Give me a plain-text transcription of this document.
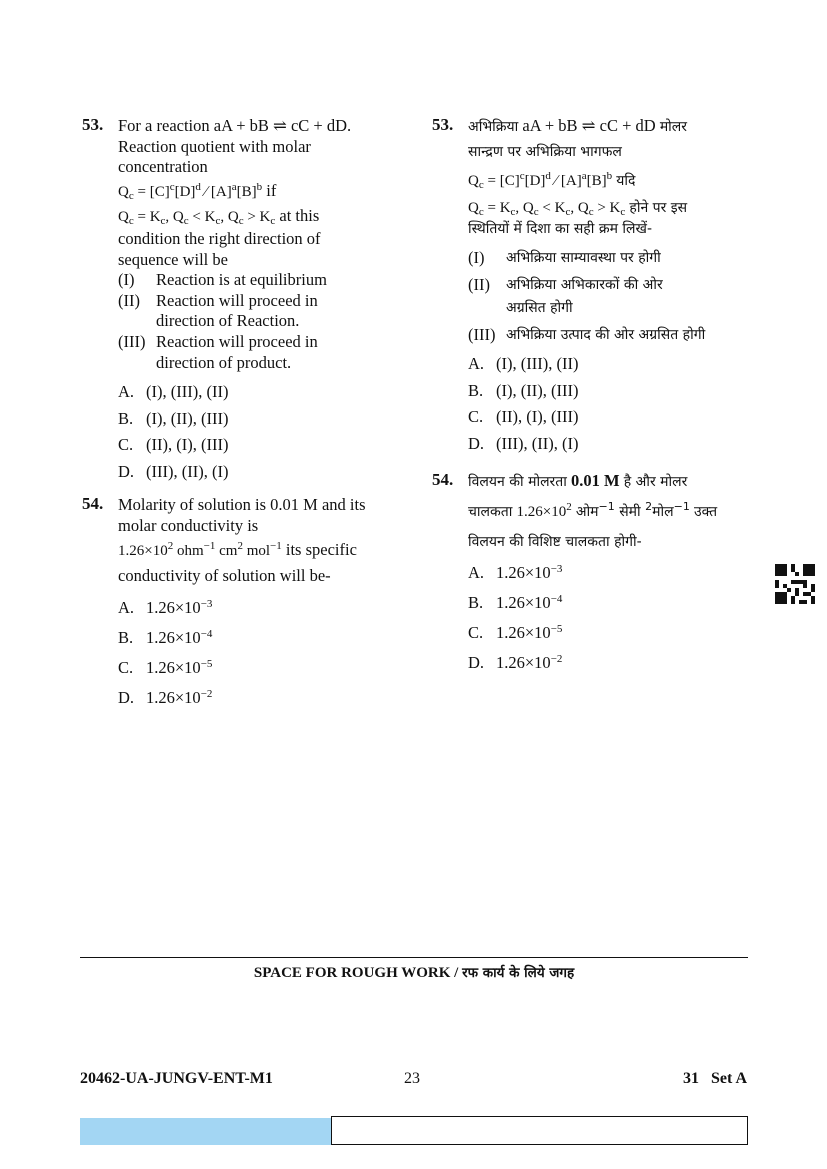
53. For a reaction aA + bB ⇌ cC + dD.
Reaction quotient with molar
concentration
$Q_c = [C]^c[D]^d$ ∕ $[A]^a[B]^b$ if
$Q_c = K_c$, $Q_c < K_c$, $Q_c > K_c$ at this
condition the right direction of
sequence will be
(I) Reaction is at equilibrium
(II) Reaction will proceed in
direction of Reaction.
(III) Reaction will proceed in
direction of product.
A. (I), (III), (II)
B. (I), (II), (III)
C. (II), (I), (III)
D. (III), (II), (I)
54. Molarity of solution is 0.01 M and its
molar conductivity is
$1.26\times 10^2$ ohm$^{-1}$ $cm^2$ mol$^{-1}$ its specific
conductivity of solution will be-
A. $1.26\times 10^{-3}$
B. $1.26\times 10^{-4}$
C. $1.26\times 10^{-5}$
D. $1.26\times 10^{-2}$
53. अभिक्रिया aA + bB ⇌ cC + dD मोलर
सान्द्रण पर अभिक्रिया भागफल
$Q_c = [C]^c[D]^d$ ∕ $[A]^a[B]^b$ यदि
$Q_c = K_c$, $Q_c < K_c$, $Q_c > K_c$ होने पर इस
स्थितियों में दिशा का सही क्रम लिखें-
(I) अभिक्रिया साम्यावस्था पर होगी
(II) अभिक्रिया अभिकारकों की ओर
अग्रसित होगी
(III) अभिक्रिया उत्पाद की ओर अग्रसित होगी
A. (I), (III), (II)
B. (I), (II), (III)
C. (II), (I), (III)
D. (III), (II), (I)
54. विलयन की मोलरता 0.01 M है और मोलर
चालकता $1.26\times 10^2$ ओम$^{-1}$ सेमी $^2$मोल$^{-1}$ उक्त
विलयन की विशिष्ट चालकता होगी-
A. $1.26\times 10^{-3}$
B. $1.26\times 10^{-4}$
C. $1.26\times 10^{-5}$
D. $1.26\times 10^{-2}$
SPACE FOR ROUGH WORK / रफ कार्य के लिये जगह
20462-UA-JUNGV-ENT-M1	23	31   Set A
